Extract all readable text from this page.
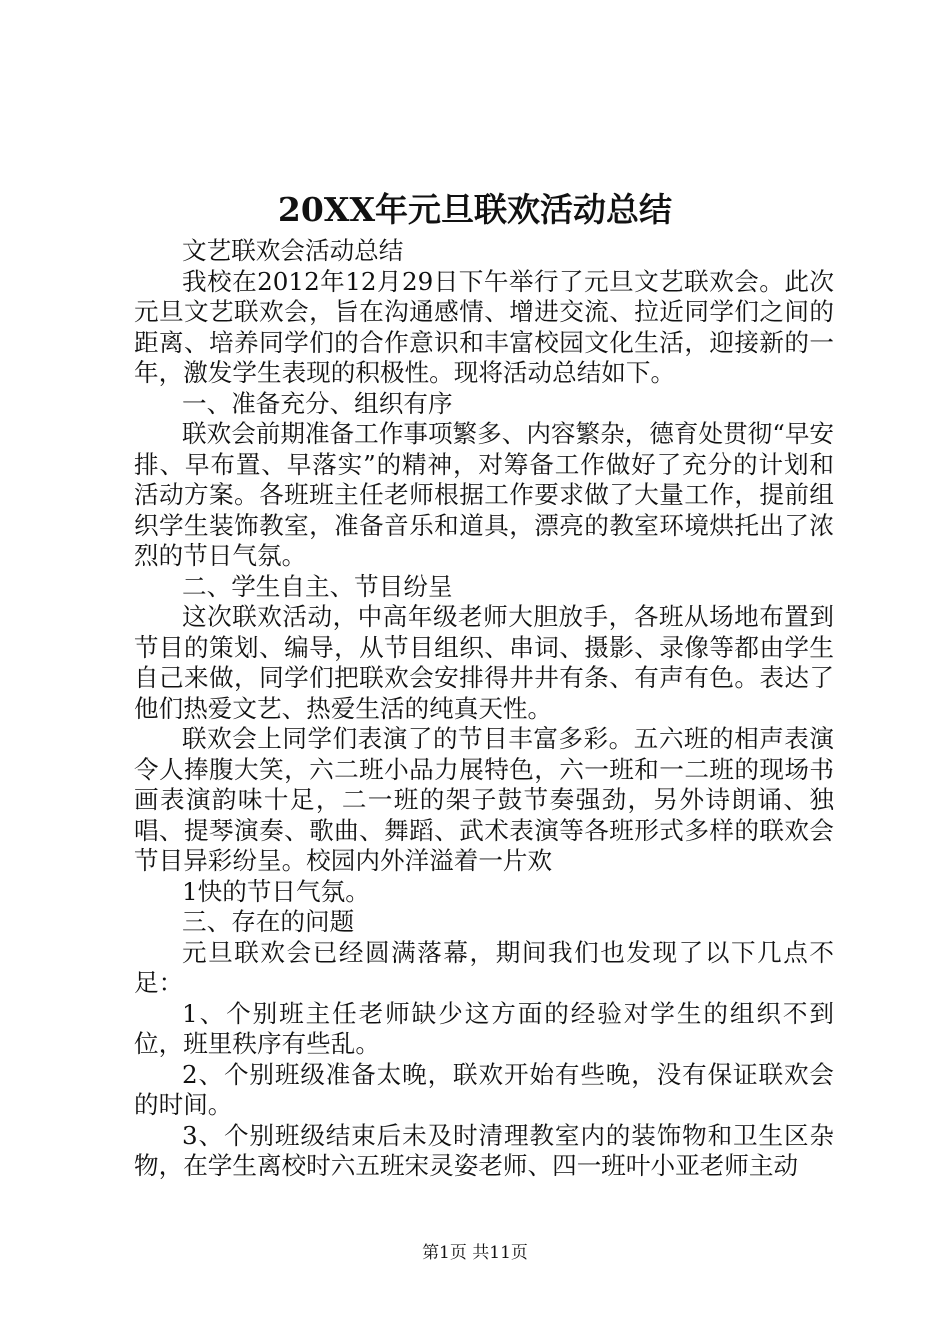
20XX年元旦联欢活动总结

文艺联欢会活动总结

我校在2012年12月29日下午举行了元旦文艺联欢会。此次元旦文艺联欢会，旨在沟通感情、增进交流、拉近同学们之间的距离、培养同学们的合作意识和丰富校园文化生活，迎接新的一年，激发学生表现的积极性。现将活动总结如下。

一、准备充分、组织有序

联欢会前期准备工作事项繁多、内容繁杂，德育处贯彻“早安排、早布置、早落实”的精神，对筹备工作做好了充分的计划和活动方案。各班班主任老师根据工作要求做了大量工作，提前组织学生装饰教室，准备音乐和道具，漂亮的教室环境烘托出了浓烈的节日气氛。

二、学生自主、节目纷呈

这次联欢活动，中高年级老师大胆放手，各班从场地布置到节目的策划、编导，从节目组织、串词、摄影、录像等都由学生自己来做，同学们把联欢会安排得井井有条、有声有色。表达了他们热爱文艺、热爱生活的纯真天性。

联欢会上同学们表演了的节目丰富多彩。五六班的相声表演令人捧腹大笑，六二班小品力展特色，六一班和一二班的现场书画表演韵味十足，二一班的架子鼓节奏强劲，另外诗朗诵、独唱、提琴演奏、歌曲、舞蹈、武术表演等各班形式多样的联欢会节目异彩纷呈。校园内外洋溢着一片欢

1快的节日气氛。

三、存在的问题

元旦联欢会已经圆满落幕，期间我们也发现了以下几点不足：

1、个别班主任老师缺少这方面的经验对学生的组织不到位，班里秩序有些乱。

2、个别班级准备太晚，联欢开始有些晚，没有保证联欢会的时间。

3、个别班级结束后未及时清理教室内的装饰物和卫生区杂物，在学生离校时六五班宋灵姿老师、四一班叶小亚老师主动

第1页 共11页
